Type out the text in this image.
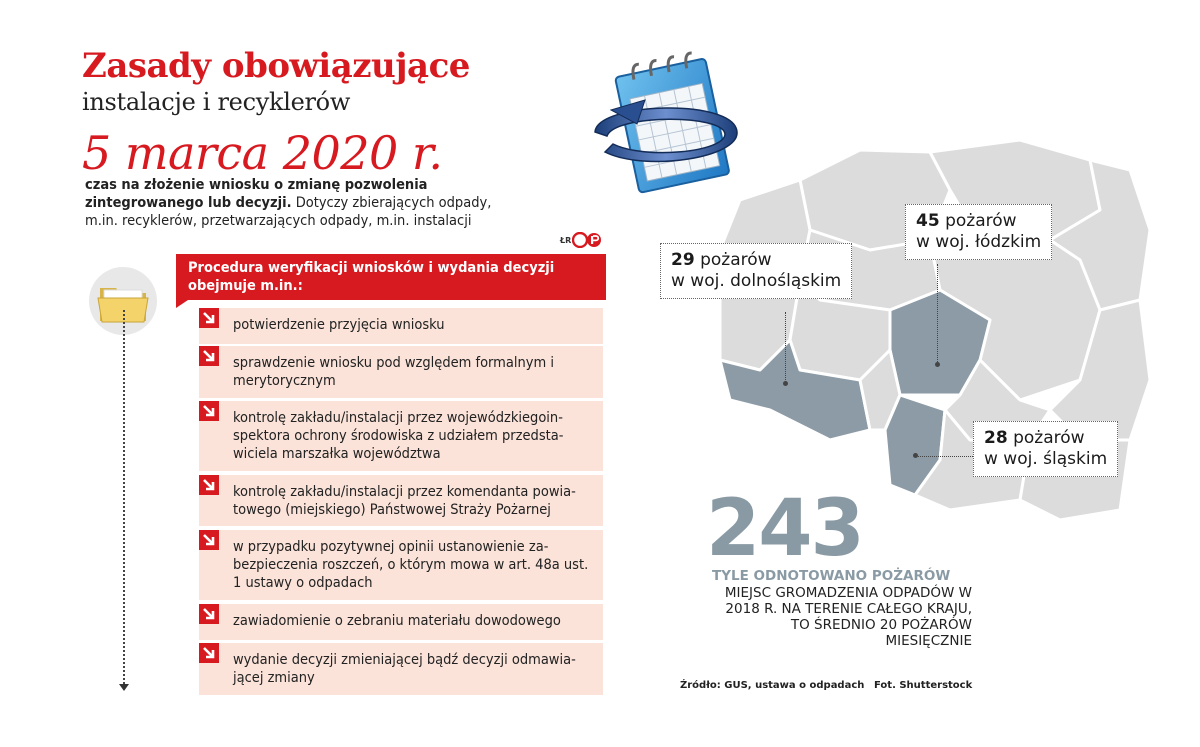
Zasady obowiązujące
instalacje i recyklerów
5 marca 2020 r.
czas na złożenie wniosku o zmianę pozwolenia zintegrowanego lub decyzji. Dotyczy zbierających odpady, m.in. recyklerów, przetwarzających odpady, m.in. instalacji
ŁR
Procedura weryfikacji wniosków i wydania decyzji obejmuje m.in.:
potwierdzenie przyjęcia wniosku
sprawdzenie wniosku pod względem formalnym i merytorycznym
kontrolę zakładu/instalacji przez wojewódzkiegoin-spektora ochrony środowiska z udziałem przedsta-wiciela marszałka województwa
kontrolę zakładu/instalacji przez komendanta powia-towego (miejskiego) Państwowej Straży Pożarnej
w przypadku pozytywnej opinii ustanowienie za-bezpieczenia roszczeń, o którym mowa w art. 48a ust. 1 ustawy o odpadach
zawiadomienie o zebraniu materiału dowodowego
wydanie decyzji zmieniającej bądź decyzji odmawia-jącej zmiany
45 pożarów
w woj. łódzkim
29 pożarów
w woj. dolnośląskim
28 pożarów
w woj. śląskim
243
TYLE ODNOTOWANO POŻARÓW
MIEJSC GROMADZENIA ODPADÓW W 2018 R. NA TERENIE CAŁEGO KRAJU, TO ŚREDNIO 20 POŻARÓW MIESIĘCZNIE
Źródło: GUS, ustawa o odpadach Fot. Shutterstock
